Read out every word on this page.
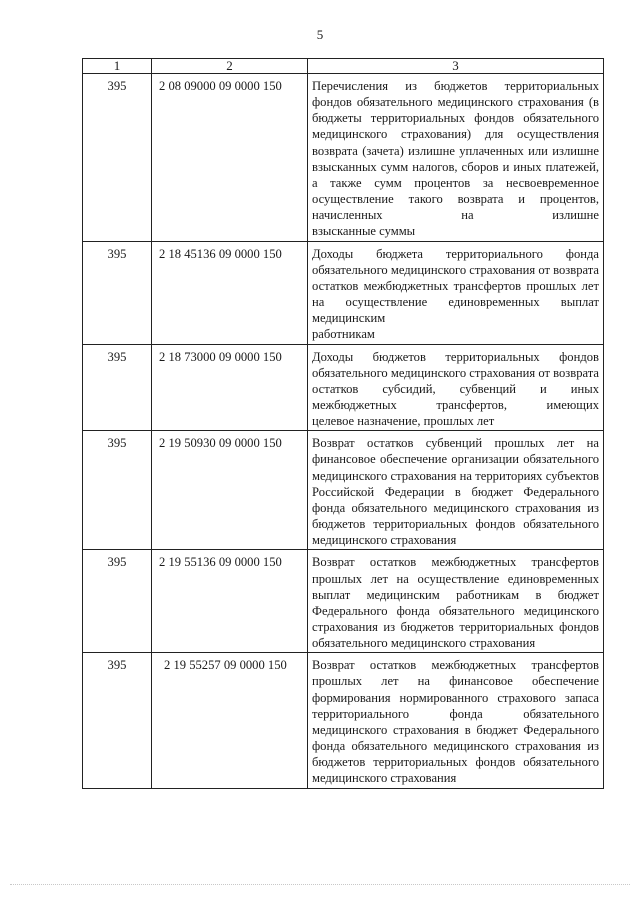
5
1	2	3
395	2 08 09000 09 0000 150	Перечисления из бюджетов территориальных фондов обязательного медицинского страхования (в бюджеты территориальных фондов обязательного медицинского страхования) для осуществления возврата (зачета) излишне уплаченных или излишне взысканных сумм налогов, сборов и иных платежей, а также сумм процентов за несвоевременное осуществление такого возврата и процентов, начисленных на излишне
взысканные суммы

395	2 18 45136 09 0000 150	Доходы бюджета территориального фонда обязательного медицинского страхования от возврата остатков межбюджетных трансфертов прошлых лет на осуществление единовременных выплат медицинским
работникам

395	2 18 73000 09 0000 150	Доходы бюджетов территориальных фондов обязательного медицинского страхования от возврата остатков субсидий, субвенций и иных межбюджетных трансфертов, имеющих
целевое назначение, прошлых лет

395	2 19 50930 09 0000 150	Возврат остатков субвенций прошлых лет на финансовое обеспечение организации обязательного медицинского страхования на территориях субъектов Российской Федерации в бюджет Федерального фонда обязательного медицинского страхования из бюджетов территориальных фондов обязательного
медицинского страхования

395	2 19 55136 09 0000 150	Возврат остатков межбюджетных трансфертов прошлых лет на осуществление единовременных выплат медицинским работникам в бюджет Федерального фонда обязательного медицинского страхования из бюджетов территориальных фондов
обязательного медицинского страхования

395	2 19 55257 09 0000 150	Возврат остатков межбюджетных трансфертов прошлых лет на финансовое обеспечение формирования нормированного страхового запаса территориального фонда обязательного медицинского страхования в бюджет Федерального фонда обязательного медицинского страхования из бюджетов территориальных фондов обязательного
медицинского страхования
